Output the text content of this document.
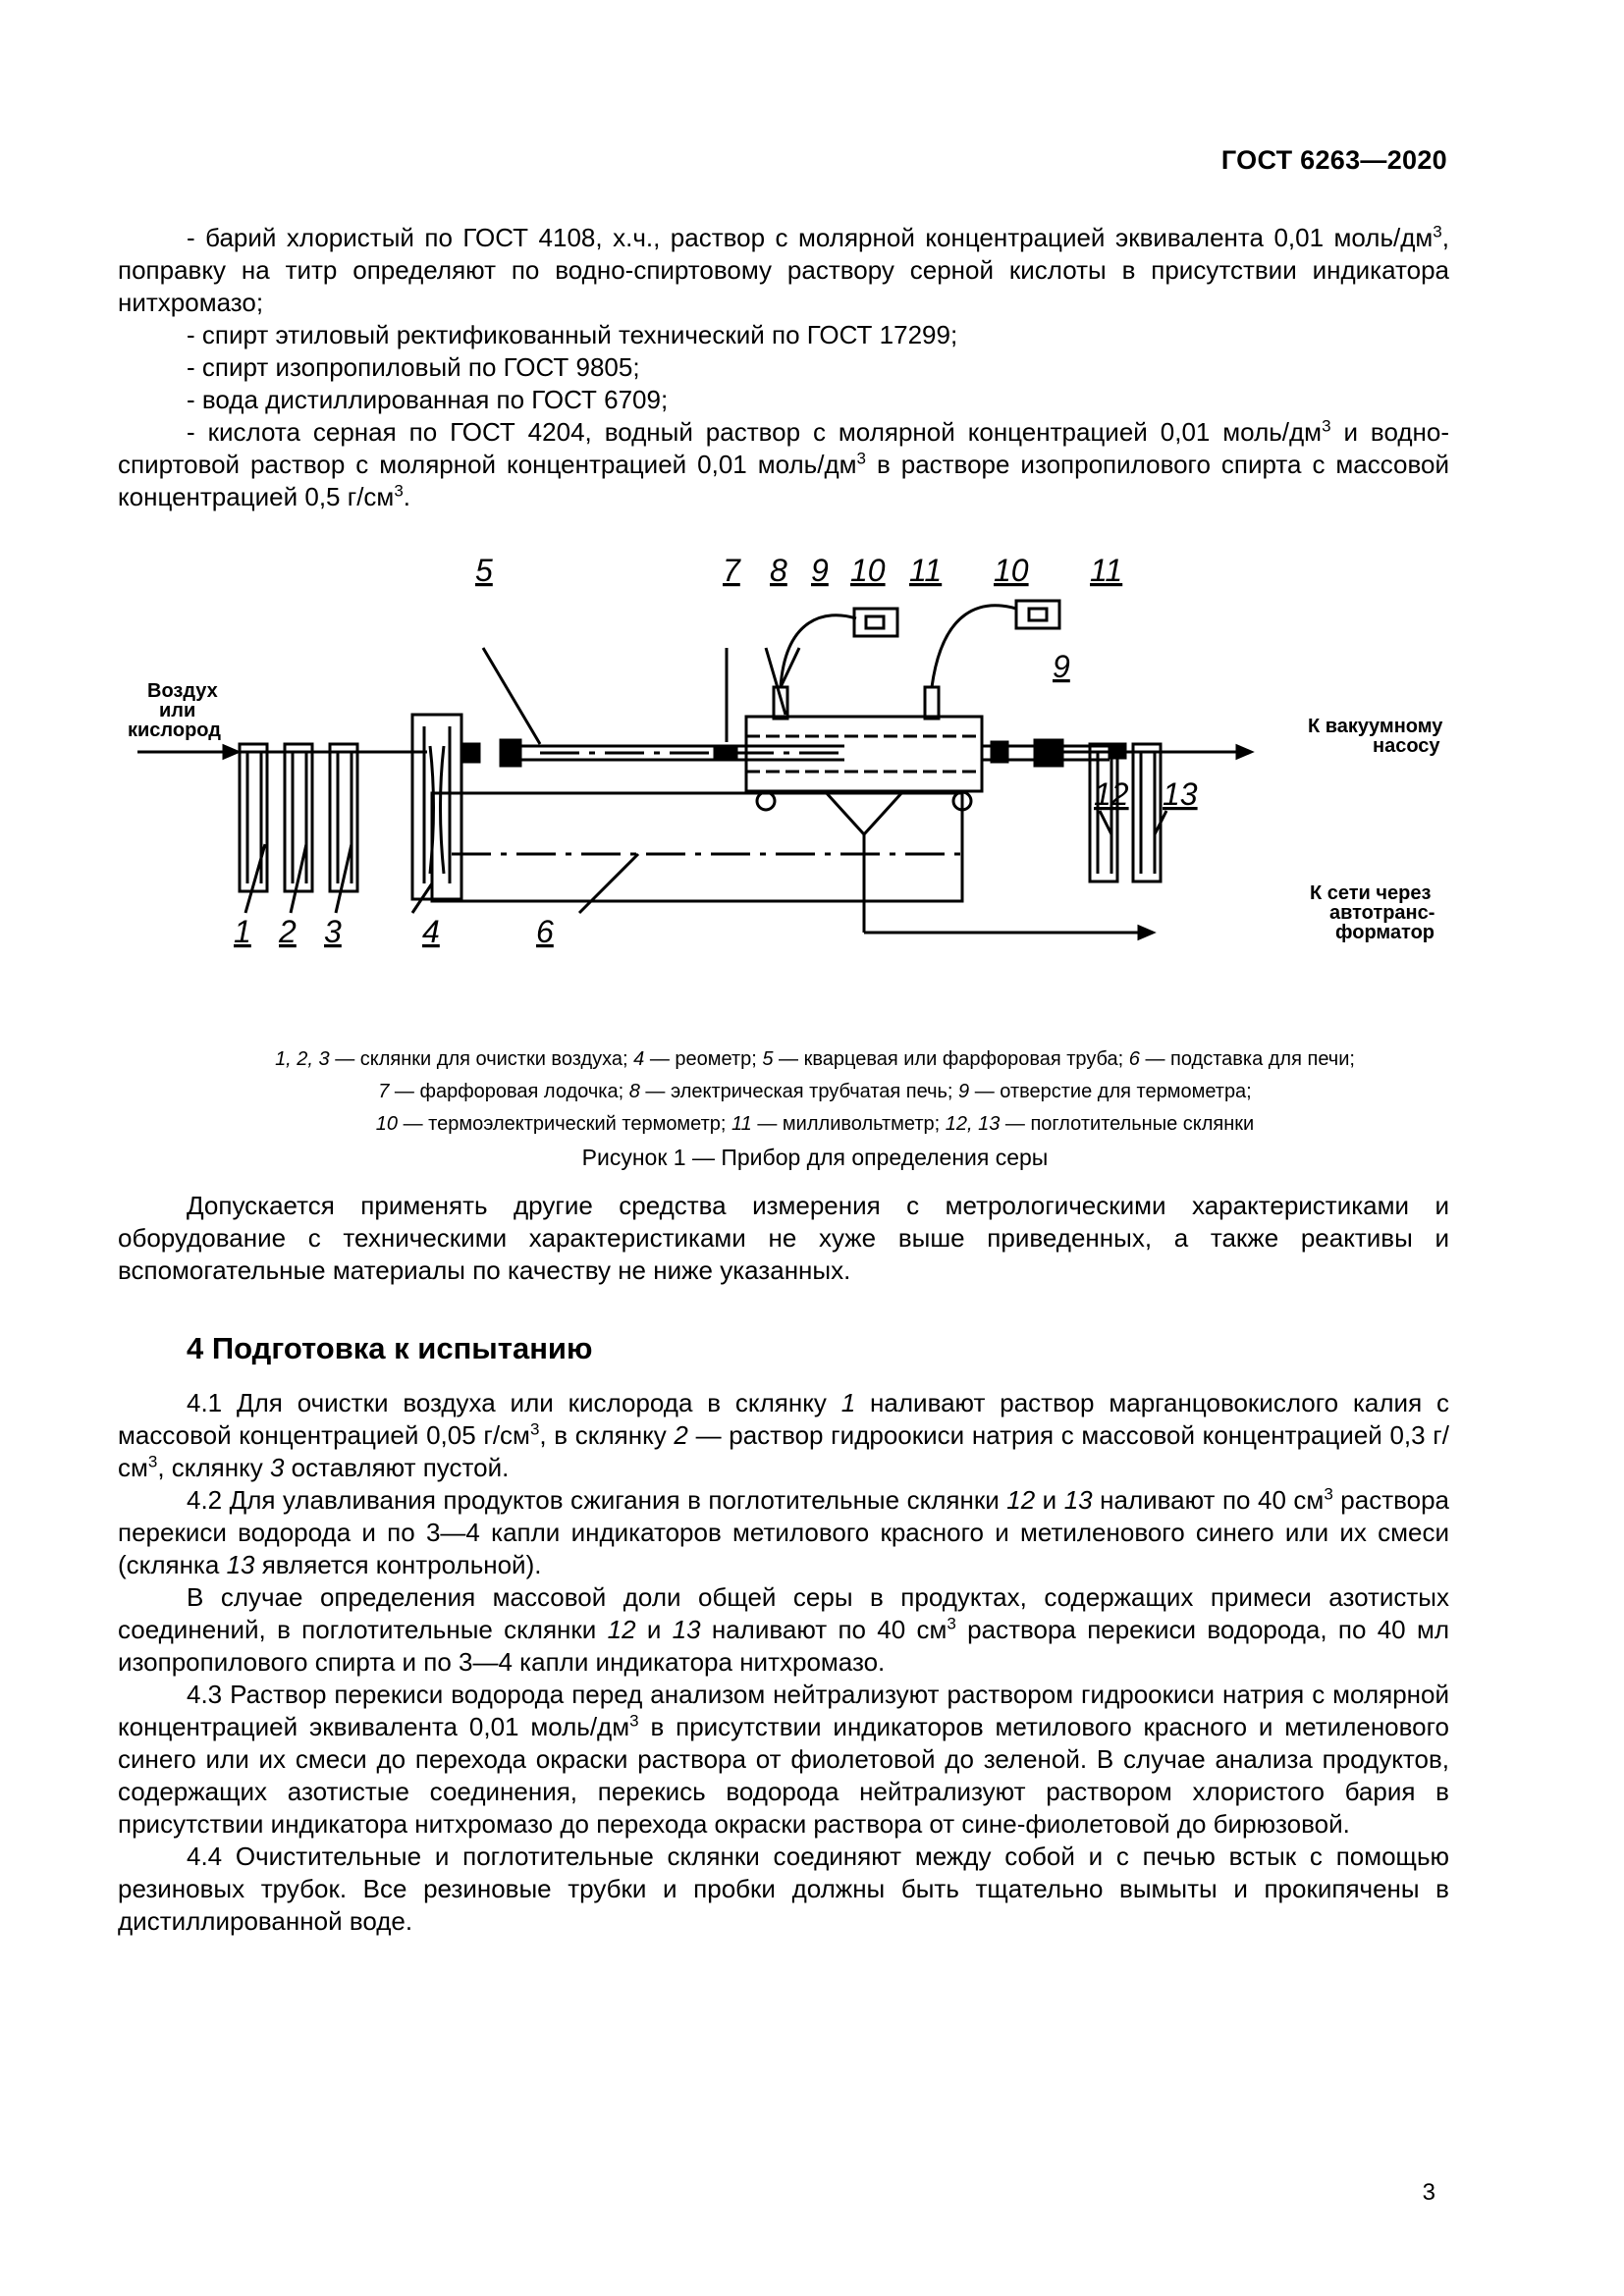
ГОСТ 6263—2020

- барий хлористый по ГОСТ 4108, х.ч., раствор с молярной концентрацией эквивалента 0,01 моль/$дм^3$, поправку на титр определяют по водно-спиртовому раствору серной кислоты в присутствии индикатора нитхромазо;

- спирт этиловый ректификованный технический по ГОСТ 17299;

- спирт изопропиловый по ГОСТ 9805;

- вода дистиллированная по ГОСТ 6709;

- кислота серная по ГОСТ 4204, водный раствор с молярной концентрацией 0,01 моль/$дм^3$ и водно-спиртовой раствор с молярной концентрацией 0,01 моль/$дм^3$ в растворе изопропилового спирта с массовой концентрацией 0,5 $г/см^3$.

Воздух
или
кислород	К вакуумному
насосу
К сети через
автотранс-
форматор
1 2 3	4	6
5	7 8 9 10 11 10 11
9
12 13
1, 2, 3 — склянки для очистки воздуха; 4 — реометр; 5 — кварцевая или фарфоровая труба; 6 — подставка для печи;
7 — фарфоровая лодочка; 8 — электрическая трубчатая печь; 9 — отверстие для термометра;
10 — термоэлектрический термометр; 11 — милливольтметр; 12, 13 — поглотительные склянки
Рисунок 1 — Прибор для определения серы

Допускается применять другие средства измерения с метрологическими характеристиками и оборудование с техническими характеристиками не хуже выше приведенных, а также реактивы и вспомогательные материалы по качеству не ниже указанных.

4 Подготовка к испытанию

4.1 Для очистки воздуха или кислорода в склянку 1 наливают раствор марганцовокислого калия с массовой концентрацией 0,05 $г/см^3$, в склянку 2 — раствор гидроокиси натрия с массовой концентрацией 0,3 $г/см^3$, склянку 3 оставляют пустой.

4.2 Для улавливания продуктов сжигания в поглотительные склянки 12 и 13 наливают по 40 $см^3$ раствора перекиси водорода и по 3—4 капли индикаторов метилового красного и метиленового синего или их смеси (склянка 13 является контрольной).

В случае определения массовой доли общей серы в продуктах, содержащих примеси азотистых соединений, в поглотительные склянки 12 и 13 наливают по 40 $см^3$ раствора перекиси водорода, по 40 мл изопропилового спирта и по 3—4 капли индикатора нитхромазо.

4.3 Раствор перекиси водорода перед анализом нейтрализуют раствором гидроокиси натрия с молярной концентрацией эквивалента 0,01 моль/$дм^3$ в присутствии индикаторов метилового красного и метиленового синего или их смеси до перехода окраски раствора от фиолетовой до зеленой. В случае анализа продуктов, содержащих азотистые соединения, перекись водорода нейтрализуют раствором хлористого бария в присутствии индикатора нитхромазо до перехода окраски раствора от сине-фиолетовой до бирюзовой.

4.4 Очистительные и поглотительные склянки соединяют между собой и с печью встык с помощью резиновых трубок. Все резиновые трубки и пробки должны быть тщательно вымыты и прокипячены в дистиллированной воде.

3
